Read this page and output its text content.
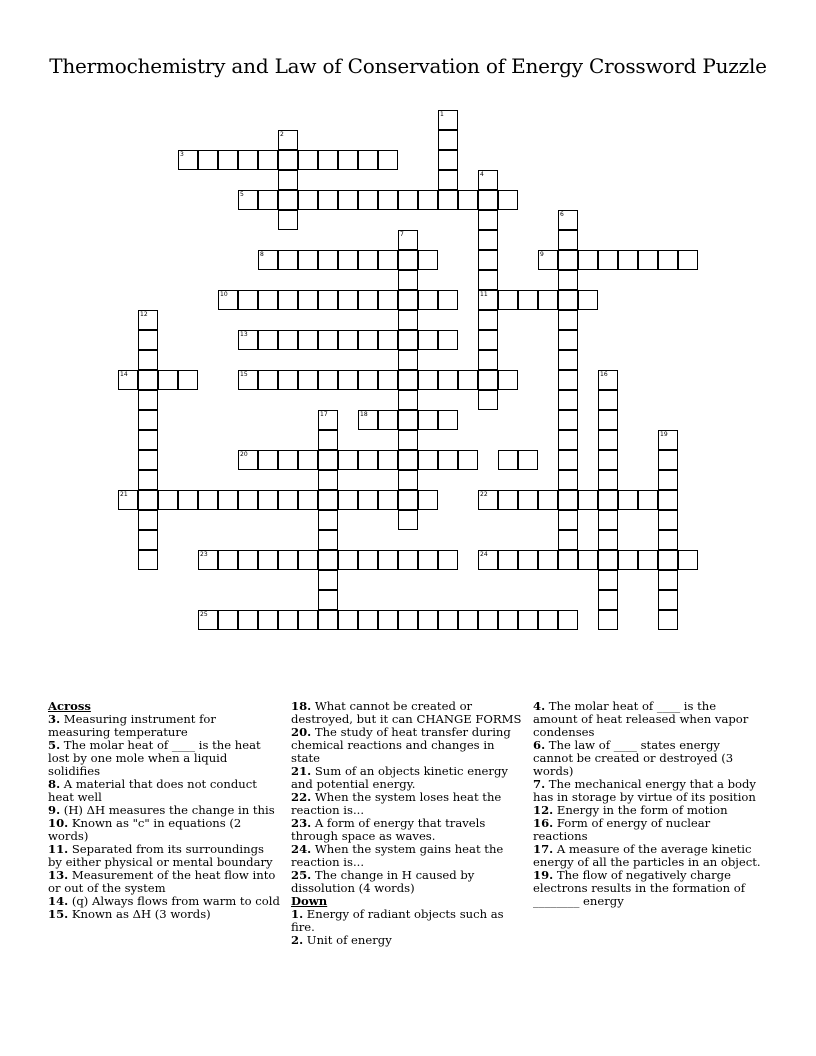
Thermochemistry and Law of Conservation of Energy Crossword Puzzle
1
2
3
4
11
5
6
7
8	9
10
12
13
14	15	16
17	18
19
20
21	22
23	24
25
Across
3. Measuring instrument for measuring temperature
5. The molar heat of ____ is the heat lost by one mole when a liquid solidifies
8. A material that does not conduct heat well
9. (H) ΔH measures the change in this
10. Known as "c" in equations (2 words)
11. Separated from its surroundings by either physical or mental boundary
13. Measurement of the heat flow into or out of the system
14. (q) Always flows from warm to cold
15. Known as ΔH (3 words)
18. What cannot be created or destroyed, but it can CHANGE FORMS
20. The study of heat transfer during chemical reactions and changes in state
21. Sum of an objects kinetic energy and potential energy.
22. When the system loses heat the reaction is...
23. A form of energy that travels through space as waves.
24. When the system gains heat the reaction is...
25. The change in H caused by dissolution (4 words)
Down
1. Energy of radiant objects such as fire.
2. Unit of energy
4. The molar heat of ____ is the amount of heat released when vapor condenses
6. The law of ____ states energy cannot be created or destroyed (3 words)
7. The mechanical energy that a body has in storage by virtue of its position
12. Energy in the form of motion
16. Form of energy of nuclear reactions
17. A measure of the average kinetic energy of all the particles in an object.
19. The flow of negatively charge electrons results in the formation of ________ energy
